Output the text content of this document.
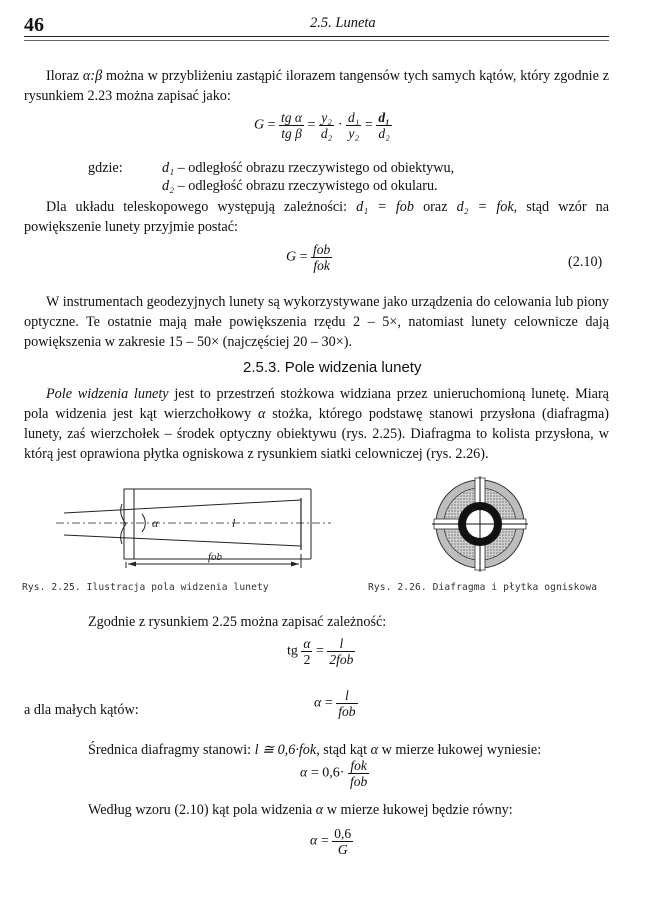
46	2.5. Luneta
Iloraz α:β można w przybliżeniu zastąpić ilorazem tangensów tych samych kątów, który zgodnie z rysunkiem 2.23 można zapisać jako:
$G = \frac{\text{tg α}}{\text{tg β}} = \frac{\text{y₂}}{\text{d₂}} \cdot \frac{\text{d₁}}{\text{y₂}} = \frac{\text{d₁}}{\text{d₂}}$
gdzie:	d₁ – odległość obrazu rzeczywistego od obiektywu,
d₂ – odległość obrazu rzeczywistego od okularu.
Dla układu teleskopowego występują zależności: d₁ = fob oraz d₂ = fok, stąd wzór na powiększenie lunety przyjmie postać:
$G = \frac{\text{fob}}{\text{fok}}$	(2.10)
W instrumentach geodezyjnych lunety są wykorzystywane jako urządzenia do celowania lub piony optyczne. Te ostatnie mają małe powiększenia rzędu 2 – 5×, natomiast lunety celownicze dają powiększenia w zakresie 15 – 50× (najczęściej 20 – 30×).
2.5.3. Pole widzenia lunety
Pole widzenia lunety jest to przestrzeń stożkowa widziana przez unieruchomioną lunetę. Miarą pola widzenia jest kąt wierzchołkowy α stożka, którego podstawę stanowi przysłona (diafragma) lunety, zaś wierzchołek – środek optyczny obiektywu (rys. 2.25). Diafragma to kolista przysłona, w którą jest oprawiona płytka ogniskowa z rysunkiem siatki celowniczej (rys. 2.26).
α	l
fob
Rys. 2.25. Ilustracja pola widzenia lunety	Rys. 2.26. Diafragma i płytka ogniskowa
Zgodnie z rysunkiem 2.25 można zapisać zależność:
tg $\frac{\alpha}{2} = \frac{l}{\text{2fob}}$
a dla małych kątów:	$\alpha = \frac{l}{\text{fob}}$
Średnica diafragmy stanowi: l ≅ 0,6·fok, stąd kąt α w mierze łukowej wyniesie:
$\alpha = 0,6\cdot \frac{\text{fok}}{\text{fob}}$
Według wzoru (2.10) kąt pola widzenia α w mierze łukowej będzie równy:
$\alpha = \frac{0,6}{G}$
